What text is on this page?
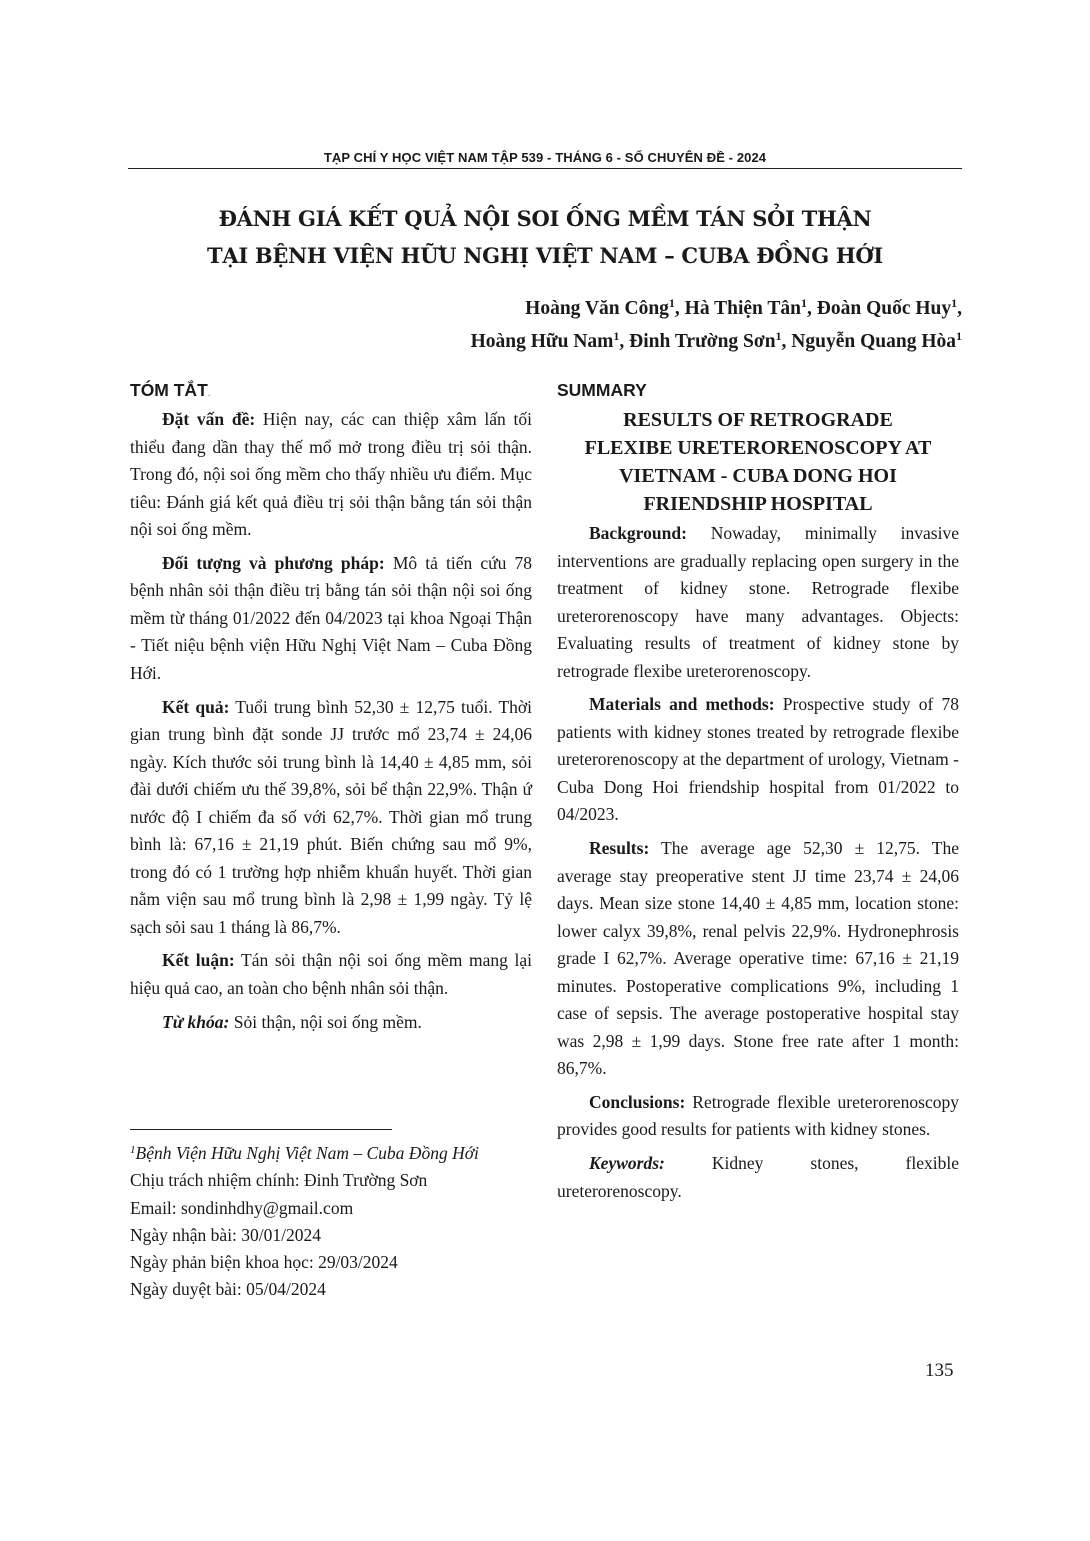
TẠP CHÍ Y HỌC VIỆT NAM TẬP 539 - THÁNG 6 - SỐ CHUYÊN ĐỀ - 2024
ĐÁNH GIÁ KẾT QUẢ NỘI SOI ỐNG MỀM TÁN SỎI THẬN
TẠI BỆNH VIỆN HỮU NGHỊ VIỆT NAM – CUBA ĐỒNG HỚI
Hoàng Văn Công$^1$, Hà Thiện Tân$^1$, Đoàn Quốc Huy$^1$,
Hoàng Hữu Nam$^1$, Đinh Trường Sơn$^1$, Nguyễn Quang Hòa$^1$
TÓM TẮT.

Đặt vấn đề: Hiện nay, các can thiệp xâm lấn tối thiểu đang dần thay thế mổ mở trong điều trị sỏi thận. Trong đó, nội soi ống mềm cho thấy nhiều ưu điểm. Mục tiêu: Đánh giá kết quả điều trị sỏi thận bằng tán sỏi thận nội soi ống mềm.

Đối tượng và phương pháp: Mô tả tiến cứu 78 bệnh nhân sỏi thận điều trị bằng tán sỏi thận nội soi ống mềm từ tháng 01/2022 đến 04/2023 tại khoa Ngoại Thận - Tiết niệu bệnh viện Hữu Nghị Việt Nam – Cuba Đồng Hới.

Kết quả: Tuổi trung bình 52,30 ± 12,75 tuổi. Thời gian trung bình đặt sonde JJ trước mổ 23,74 ± 24,06 ngày. Kích thước sỏi trung bình là 14,40 ± 4,85 mm, sỏi đài dưới chiếm ưu thế 39,8%, sỏi bể thận 22,9%. Thận ứ nước độ I chiếm đa số với 62,7%. Thời gian mổ trung bình là: 67,16 ± 21,19 phút. Biến chứng sau mổ 9%, trong đó có 1 trường hợp nhiễm khuẩn huyết. Thời gian nằm viện sau mổ trung bình là 2,98 ± 1,99 ngày. Tỷ lệ sạch sỏi sau 1 tháng là 86,7%.

Kết luận: Tán sỏi thận nội soi ống mềm mang lại hiệu quả cao, an toàn cho bệnh nhân sỏi thận.

Từ khóa: Sỏi thận, nội soi ống mềm.

$^1$Bệnh Viện Hữu Nghị Việt Nam – Cuba Đồng Hới
Chịu trách nhiệm chính: Đinh Trường Sơn
Email: sondinhdhy@gmail.com
Ngày nhận bài: 30/01/2024
Ngày phản biện khoa học: 29/03/2024
Ngày duyệt bài: 05/04/2024
SUMMARY
RESULTS OF RETROGRADE
FLEXIBE URETERORENOSCOPY AT
VIETNAM - CUBA DONG HOI
FRIENDSHIP HOSPITAL

Background: Nowaday, minimally invasive interventions are gradually replacing open surgery in the treatment of kidney stone. Retrograde flexibe ureterorenoscopy have many advantages. Objects: Evaluating results of treatment of kidney stone by retrograde flexibe ureterorenoscopy.

Materials and methods: Prospective study of 78 patients with kidney stones treated by retrograde flexibe ureterorenoscopy at the department of urology, Vietnam - Cuba Dong Hoi friendship hospital from 01/2022 to 04/2023.

Results: The average age 52,30 ± 12,75. The average stay preoperative stent JJ time 23,74 ± 24,06 days. Mean size stone 14,40 ± 4,85 mm, location stone: lower calyx 39,8%, renal pelvis 22,9%. Hydronephrosis grade I 62,7%. Average operative time: 67,16 ± 21,19 minutes. Postoperative complications 9%, including 1 case of sepsis. The average postoperative hospital stay was 2,98 ± 1,99 days. Stone free rate after 1 month: 86,7%.

Conclusions: Retrograde flexible ureterorenoscopy provides good results for patients with kidney stones.

Keywords: Kidney stones, flexible ureterorenoscopy.

135
